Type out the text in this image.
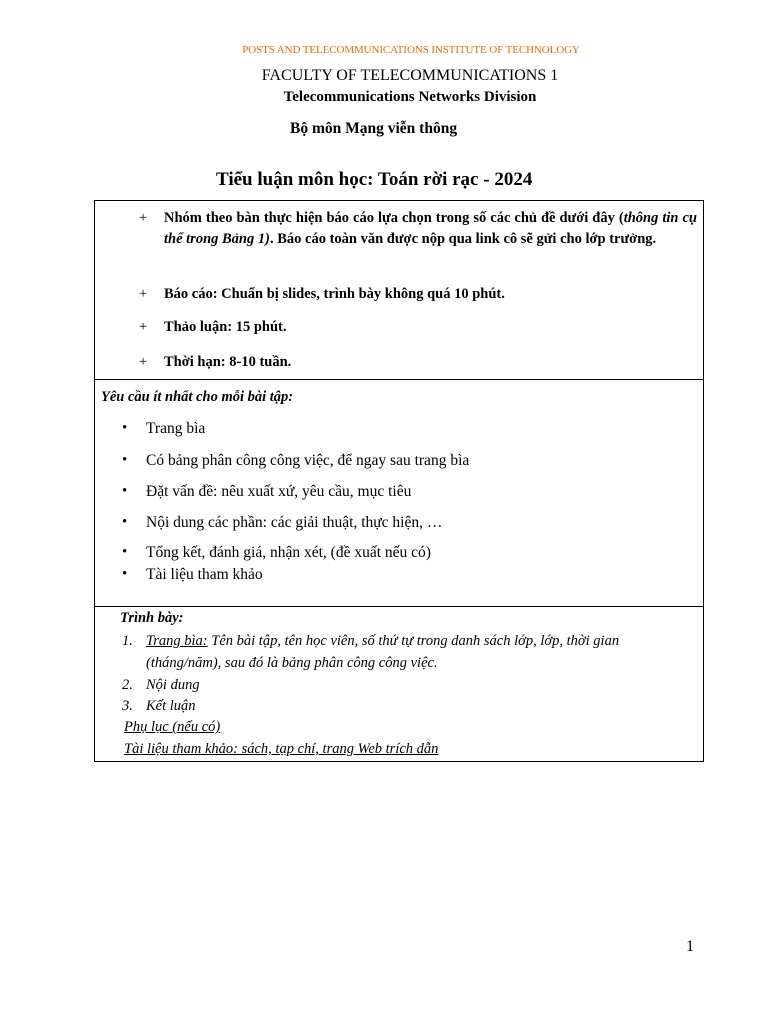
POSTS AND TELECOMMUNICATIONS INSTITUTE OF TECHNOLOGY
FACULTY OF TELECOMMUNICATIONS 1
Telecommunications Networks Division
Bộ môn Mạng viễn thông
Tiểu luận môn học: Toán rời rạc - 2024
+ Nhóm theo bàn thực hiện báo cáo lựa chọn trong số các chủ đề dưới đây (thông tin cụ thể trong Bảng 1). Báo cáo toàn văn được nộp qua link cô sẽ gửi cho lớp trưởng.
+ Báo cáo: Chuẩn bị slides, trình bày không quá 10 phút.
+ Thảo luận: 15 phút.
+ Thời hạn: 8-10 tuần.
Yêu cầu ít nhất cho mỗi bài tập:
• Trang bìa
• Có bảng phân công công việc, để ngay sau trang bìa
• Đặt vấn đề: nêu xuất xứ, yêu cầu, mục tiêu
• Nội dung các phần: các giải thuật, thực hiện, …
• Tổng kết, đánh giá, nhận xét, (đề xuất nếu có)
• Tài liệu tham khảo
Trình bày:
1. Trang bìa: Tên bài tập, tên học viên, số thứ tự trong danh sách lớp, lớp, thời gian (tháng/năm), sau đó là bảng phân công công việc.
2. Nội dung
3. Kết luận
Phụ lục (nếu có)
Tài liệu tham khảo: sách, tạp chí, trang Web trích dẫn
1
